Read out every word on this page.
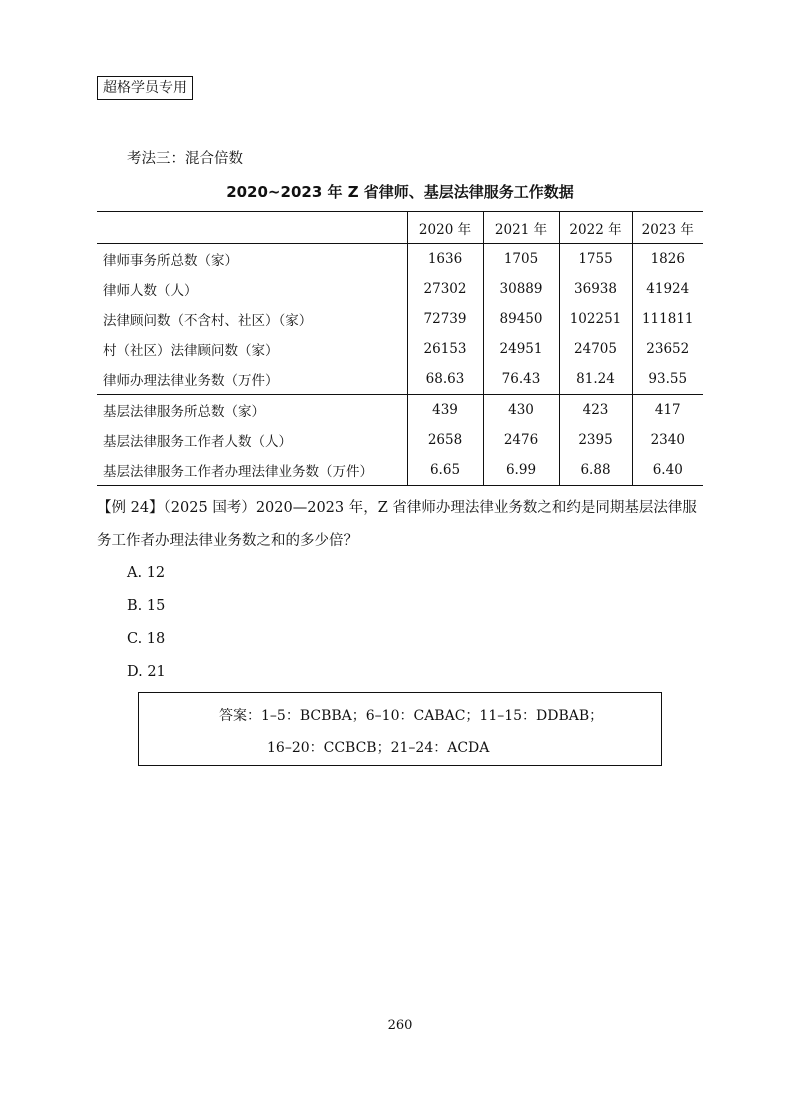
超格学员专用
考法三：混合倍数
2020~2023 年 Z 省律师、基层法律服务工作数据
	2020 年	2021 年	2022 年	2023 年
律师事务所总数（家）	1636	1705	1755	1826
律师人数（人）	27302	30889	36938	41924
法律顾问数（不含村、社区）（家）	72739	89450	102251	111811
村（社区）法律顾问数（家）	26153	24951	24705	23652
律师办理法律业务数（万件）	68.63	76.43	81.24	93.55
基层法律服务所总数（家）	439	430	423	417
基层法律服务工作者人数（人）	2658	2476	2395	2340
基层法律服务工作者办理法律业务数（万件）	6.65	6.99	6.88	6.40
【例 24】（2025 国考）2020—2023 年，Z 省律师办理法律业务数之和约是同期基层法律服务工作者办理法律业务数之和的多少倍？
A. 12
B. 15
C. 18
D. 21
答案：1–5：BCBBA；6–10：CABAC；11–15：DDBAB；
16–20：CCBCB；21–24：ACDA
260
